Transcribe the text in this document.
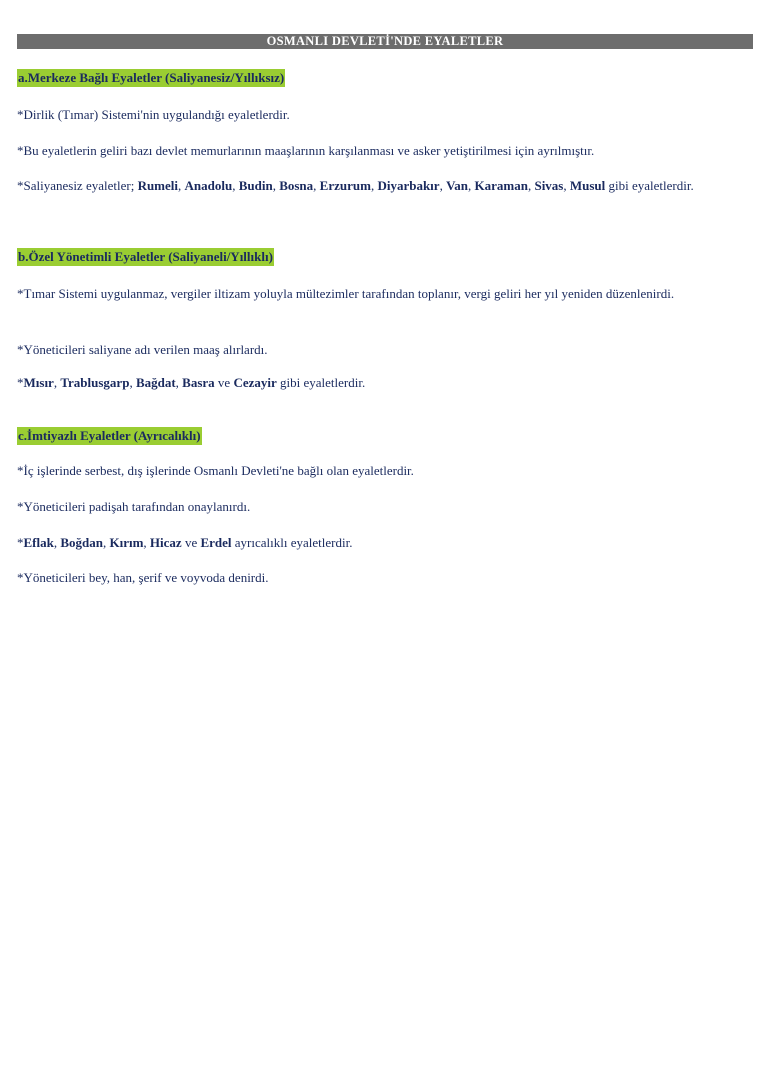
OSMANLI DEVLETİ'NDE EYALETLER
a.Merkeze Bağlı Eyaletler (Saliyanesiz/Yıllıksız)

*Dirlik (Tımar) Sistemi'nin uygulandığı eyaletlerdir.

*Bu eyaletlerin geliri bazı devlet memurlarının maaşlarının karşılanması ve asker yetiştirilmesi için ayrılmıştır.

*Saliyanesiz eyaletler; Rumeli, Anadolu, Budin, Bosna, Erzurum, Diyarbakır, Van, Karaman, Sivas, Musul gibi eyaletlerdir.

b.Özel Yönetimli Eyaletler (Saliyaneli/Yıllıklı)

*Tımar Sistemi uygulanmaz, vergiler iltizam yoluyla mültezimler tarafından toplanır, vergi geliri her yıl yeniden düzenlenirdi.

*Yöneticileri saliyane adı verilen maaş alırlardı.

*Mısır, Trablusgarp, Bağdat, Basra ve Cezayir gibi eyaletlerdir.

c.İmtiyazlı Eyaletler (Ayrıcalıklı)

*İç işlerinde serbest, dış işlerinde Osmanlı Devleti'ne bağlı olan eyaletlerdir.

*Yöneticileri padişah tarafından onaylanırdı.

*Eflak, Boğdan, Kırım, Hicaz ve Erdel ayrıcalıklı eyaletlerdir.

*Yöneticileri bey, han, şerif ve voyvoda denirdi.
